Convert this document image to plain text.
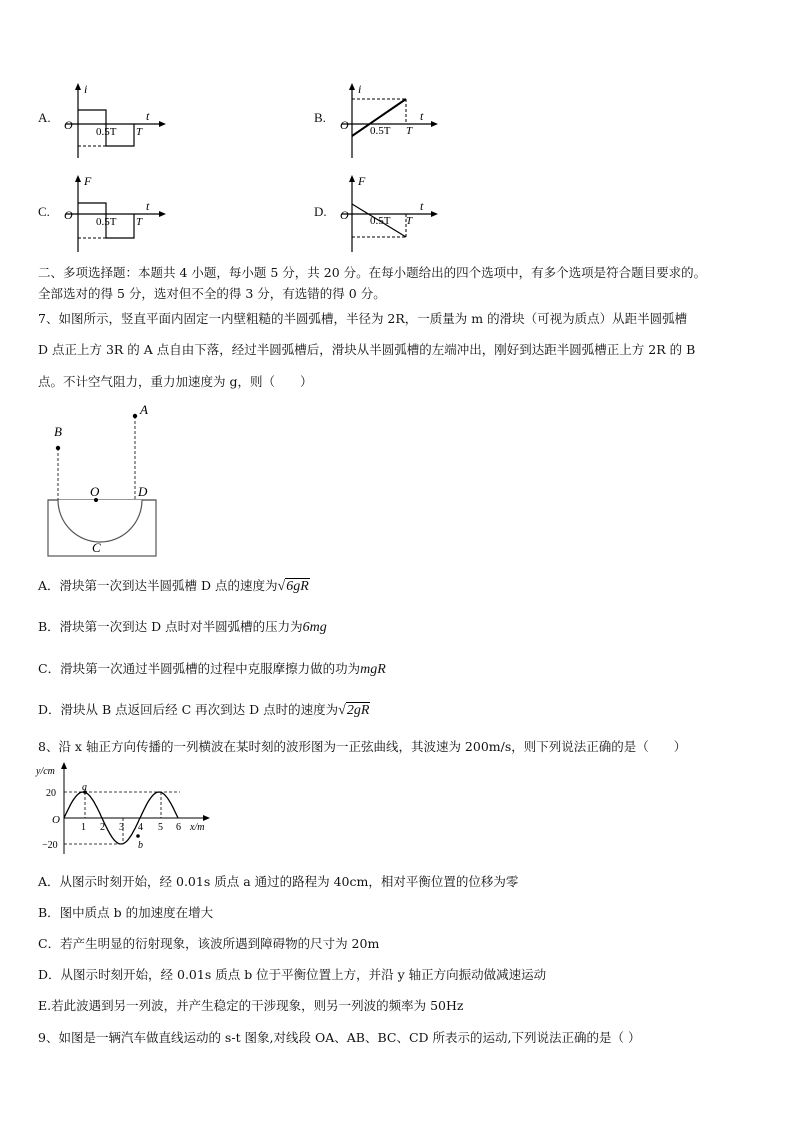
A.
i
t
O 0.5T T
B.
i
t
O 0.5T T
C.
F
t
O 0.5T T
D.
F
t
O 0.5T T
二、多项选择题：本题共 4 小题，每小题 5 分，共 20 分。在每小题给出的四个选项中，有多个选项是符合题目要求的。
全部选对的得 5 分，选对但不全的得 3 分，有选错的得 0 分。
7、如图所示，竖直平面内固定一内壁粗糙的半圆弧槽，半径为 2R，一质量为 m 的滑块（可视为质点）从距半圆弧槽
D 点正上方 3R 的 A 点自由下落，经过半圆弧槽后，滑块从半圆弧槽的左端冲出，刚好到达距半圆弧槽正上方 2R 的 B
点。不计空气阻力，重力加速度为 g，则（　　）
B
A
O	D
C
A．滑块第一次到达半圆弧槽 D 点的速度为√6gR
B．滑块第一次到达 D 点时对半圆弧槽的压力为6mg
C．滑块第一次通过半圆弧槽的过程中克服摩擦力做的功为mgR
D．滑块从 B 点返回后经 C 再次到达 D 点时的速度为√2gR
8、沿 x 轴正方向传播的一列横波在某时刻的波形图为一正弦曲线，其波速为 200m/s，则下列说法正确的是（　　）
y/cm
x/m
O
20
−20
1 2 3 4 5 6
a
b
A．从图示时刻开始，经 0.01s 质点 a 通过的路程为 40cm，相对平衡位置的位移为零
B．图中质点 b 的加速度在增大
C．若产生明显的衍射现象，该波所遇到障碍物的尺寸为 20m
D．从图示时刻开始，经 0.01s 质点 b 位于平衡位置上方，并沿 y 轴正方向振动做减速运动
E.若此波遇到另一列波，并产生稳定的干涉现象，则另一列波的频率为 50Hz
9、如图是一辆汽车做直线运动的 s-t 图象,对线段 OA、AB、BC、CD 所表示的运动,下列说法正确的是（ ）
